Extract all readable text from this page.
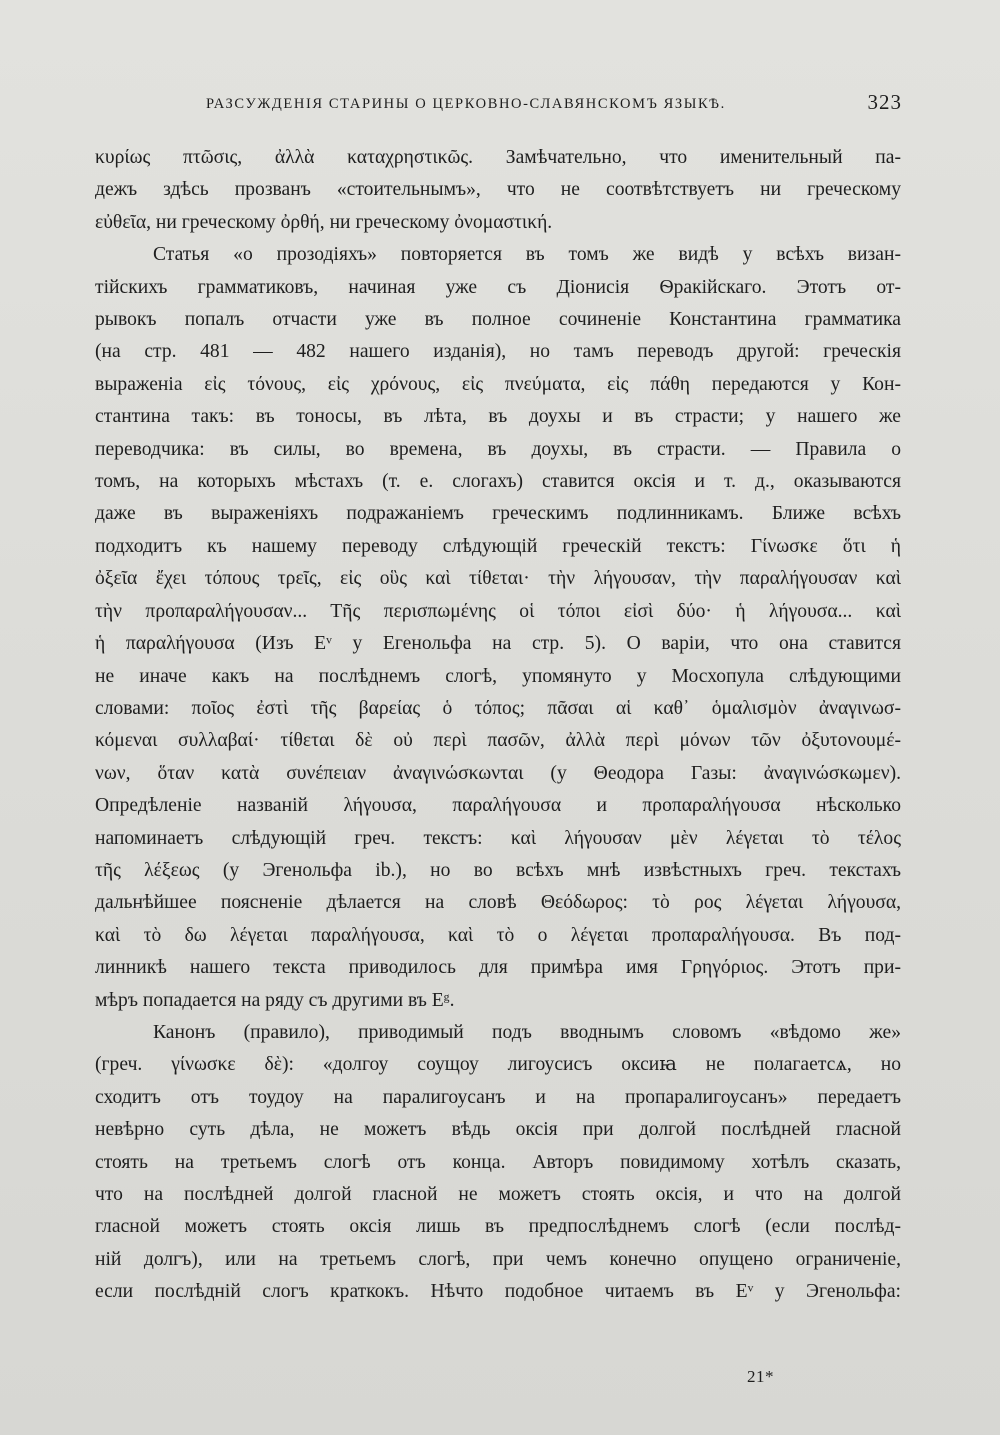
РАЗСУЖДЕНІЯ СТАРИНЫ О ЦЕРКОВНО-СЛАВЯНСКОМЪ ЯЗЫКѢ.	323

κυρίως πτῶσις, ἀλλὰ καταχρηστικῶς. Замѣчательно, что именительный па-
дежъ здѣсь прозванъ «стоительнымъ», что не соотвѣтствуетъ ни греческому
εὐθεῖα, ни греческому ὀρθή, ни греческому ὀνομαστική.

Статья «о прозодіяхъ» повторяется въ томъ же видѣ у всѣхъ визан-
тійскихъ грамматиковъ, начиная уже съ Діонисія Ѳракійскаго. Этотъ от-
рывокъ попалъ отчасти уже въ полное сочиненіе Константина грамматика
(на стр. 481 — 482 нашего изданія), но тамъ переводъ другой: греческія
выраженіа εἰς τόνους, εἰς χρόνους, εἰς πνεύματα, εἰς πάθη передаются у Кон-
стантина такъ: въ тоносы, въ лѣта, въ доухы и въ страсти; у нашего же
переводчика: въ силы, во времена, въ доухы, въ страсти. — Правила о
томъ, на которыхъ мѣстахъ (т. е. слогахъ) ставится оксія и т. д., оказываются
даже въ выраженіяхъ подражаніемъ греческимъ подлинникамъ. Ближе всѣхъ
подходитъ къ нашему переводу слѣдующій греческій текстъ: Γίνωσκε ὅτι ἡ
ὀξεῖα ἔχει τόπους τρεῖς, εἰς οὓς καὶ τίθεται· τὴν λήγουσαν, τὴν παραλήγουσαν καὶ
τὴν προπαραλήγουσαν... Τῆς περισπωμένης οἱ τόποι εἰσὶ δύο· ἡ λήγουσα... καὶ
ἡ παραλήγουσα (Изъ Eᵛ у Егенольфа на стр. 5). О варіи, что она ставится
не иначе какъ на послѣднемъ слогѣ, упомянуто у Мосхопула слѣдующими
словами: ποῖος ἐστὶ τῆς βαρείας ὁ τόπος; πᾶσαι αἱ καθ᾽ ὁμαλισμὸν ἀναγινωσ-
κόμεναι συλλαβαί· τίθεται δὲ οὐ περὶ πασῶν, ἀλλὰ περὶ μόνων τῶν ὀξυτονουμέ-
νων, ὅταν κατὰ συνέπειαν ἀναγινώσκωνται (у Θеодора Газы: ἀναγινώσκωμεν).
Опредѣленіе названій λήγουσα, παραλήγουσα и προπαραλήγουσα нѣсколько
напоминаетъ слѣдующій греч. текстъ: καὶ λήγουσαν μὲν λέγεται τὸ τέλος
τῆς λέξεως (у Эгенольфа ib.), но во всѣхъ мнѣ извѣстныхъ греч. текстахъ
дальнѣйшее поясненіе дѣлается на словѣ Θεόδωρος: τὸ ρος λέγεται λήγουσα,
καὶ τὸ δω λέγεται παραλήγουσα, καὶ τὸ ο λέγεται προπαραλήγουσα. Въ под-
линникѣ нашего текста приводилось для примѣра имя Γρηγόριος. Этотъ при-
мѣръ попадается на ряду съ другими въ Eᵍ.

Канонъ (правило), приводимый подъ вводнымъ словомъ «вѣдомо же»
(греч. γίνωσκε δὲ): «долгоу соущоу лигоусисъ оксиꙗ не полагаетсѧ, но
сходитъ отъ тоудоу на паралигоусанъ и на пропаралигоусанъ» передаетъ
невѣрно суть дѣла, не можетъ вѣдь оксія при долгой послѣдней гласной
стоять на третьемъ слогѣ отъ конца. Авторъ повидимому хотѣлъ сказать,
что на послѣдней долгой гласной не можетъ стоять оксія, и что на долгой
гласной можетъ стоять оксія лишь въ предпослѣднемъ слогѣ (если послѣд-
ній долгъ), или на третьемъ слогѣ, при чемъ конечно опущено ограниченіе,
если послѣдній слогъ краткокъ. Нѣчто подобное читаемъ въ Eᵛ у Эгенольфа:

21*
